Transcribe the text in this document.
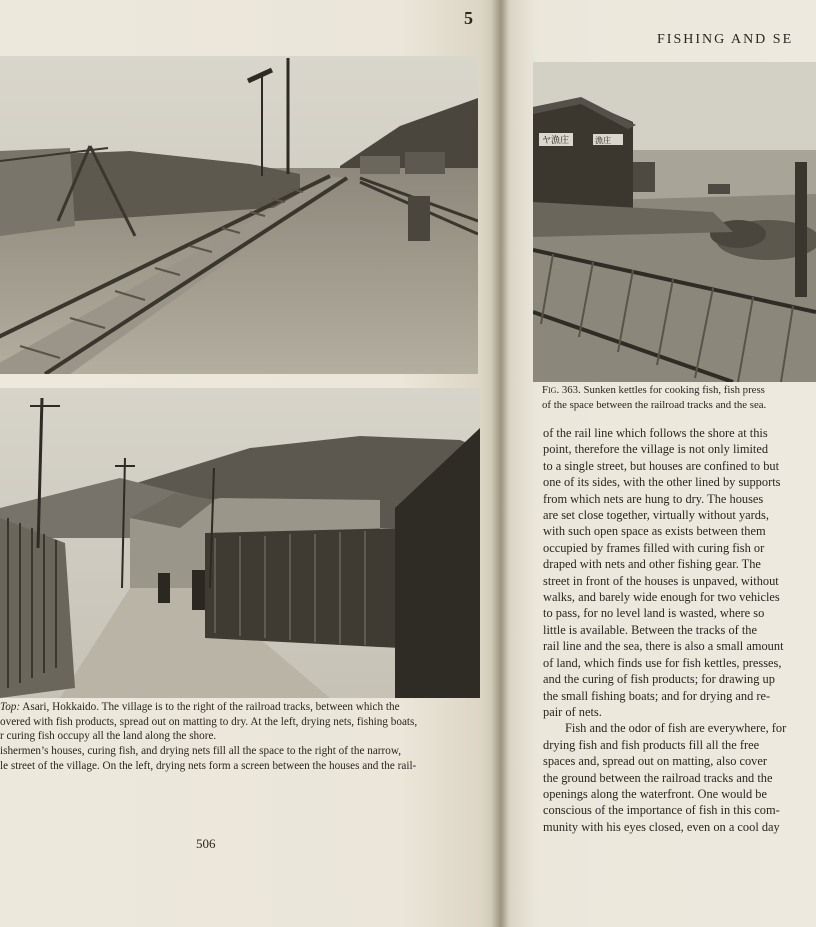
5
FISHING AND SE
ヤ漁庄	漁庄

Top: Asari, Hokkaido. The village is to the right of the railroad tracks, between which the

overed with fish products, spread out on matting to dry. At the left, drying nets, fishing boats,

r curing fish occupy all the land along the shore.

ishermen’s houses, curing fish, and drying nets fill all the space to the right of the narrow,

le street of the village. On the left, drying nets form a screen between the houses and the rail-

506

Fig. 363. Sunken kettles for cooking fish, fish press

of the space between the railroad tracks and the sea.

of the rail line which follows the shore at this

point, therefore the village is not only limited

to a single street, but houses are confined to but

one of its sides, with the other lined by supports

from which nets are hung to dry. The houses

are set close together, virtually without yards,

with such open space as exists between them

occupied by frames filled with curing fish or

draped with nets and other fishing gear. The

street in front of the houses is unpaved, without

walks, and barely wide enough for two vehicles

to pass, for no level land is wasted, where so

little is available. Between the tracks of the

rail line and the sea, there is also a small amount

of land, which finds use for fish kettles, presses,

and the curing of fish products; for drawing up

the small fishing boats; and for drying and re-

pair of nets.

Fish and the odor of fish are everywhere, for

drying fish and fish products fill all the free

spaces and, spread out on matting, also cover

the ground between the railroad tracks and the

openings along the waterfront. One would be

conscious of the importance of fish in this com-

munity with his eyes closed, even on a cool day
